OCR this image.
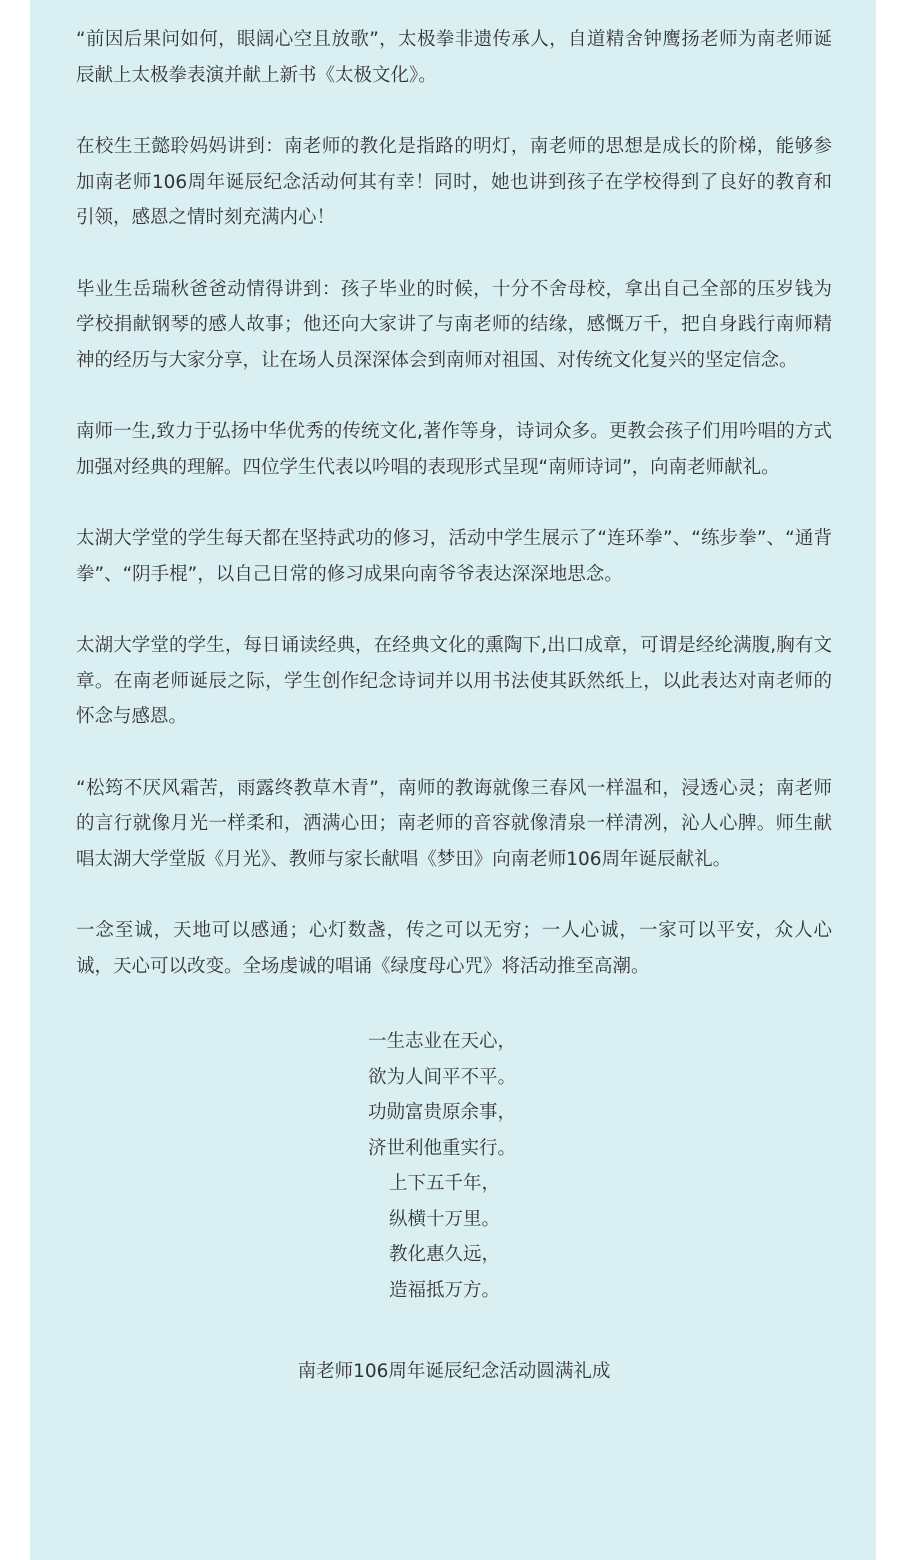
“前因后果问如何，眼阔心空且放歌”，太极拳非遗传承人，自道精舍钟鹰扬老师为南老师诞辰献上太极拳表演并献上新书《太极文化》。

在校生王懿聆妈妈讲到：南老师的教化是指路的明灯，南老师的思想是成长的阶梯，能够参加南老师106周年诞辰纪念活动何其有幸！同时，她也讲到孩子在学校得到了良好的教育和引领，感恩之情时刻充满内心！

毕业生岳瑞秋爸爸动情得讲到：孩子毕业的时候，十分不舍母校，拿出自己全部的压岁钱为学校捐献钢琴的感人故事；他还向大家讲了与南老师的结缘，感慨万千，把自身践行南师精神的经历与大家分享，让在场人员深深体会到南师对祖国、对传统文化复兴的坚定信念。

南师一生,致力于弘扬中华优秀的传统文化,著作等身，诗词众多。更教会孩子们用吟唱的方式加强对经典的理解。四位学生代表以吟唱的表现形式呈现“南师诗词”，向南老师献礼。

太湖大学堂的学生每天都在坚持武功的修习，活动中学生展示了“连环拳”、“练步拳”、“通背拳”、“阴手棍”，以自己日常的修习成果向南爷爷表达深深地思念。

太湖大学堂的学生，每日诵读经典，在经典文化的熏陶下,出口成章，可谓是经纶满腹,胸有文章。在南老师诞辰之际，学生创作纪念诗词并以用书法使其跃然纸上，以此表达对南老师的怀念与感恩。

“松筠不厌风霜苦，雨露终教草木青”，南师的教诲就像三春风一样温和，浸透心灵；南老师的言行就像月光一样柔和，洒满心田；南老师的音容就像清泉一样清冽，沁人心脾。师生献唱太湖大学堂版《月光》、教师与家长献唱《梦田》向南老师106周年诞辰献礼。

一念至诚，天地可以感通；心灯数盏，传之可以无穷；一人心诚，一家可以平安，众人心诚，天心可以改变。全场虔诚的唱诵《绿度母心咒》将活动推至高潮。

一生志业在天心，
欲为人间平不平。
功勋富贵原余事，
济世利他重实行。
上下五千年，
纵横十万里。
教化惠久远，
造福抵万方。
南老师106周年诞辰纪念活动圆满礼成
